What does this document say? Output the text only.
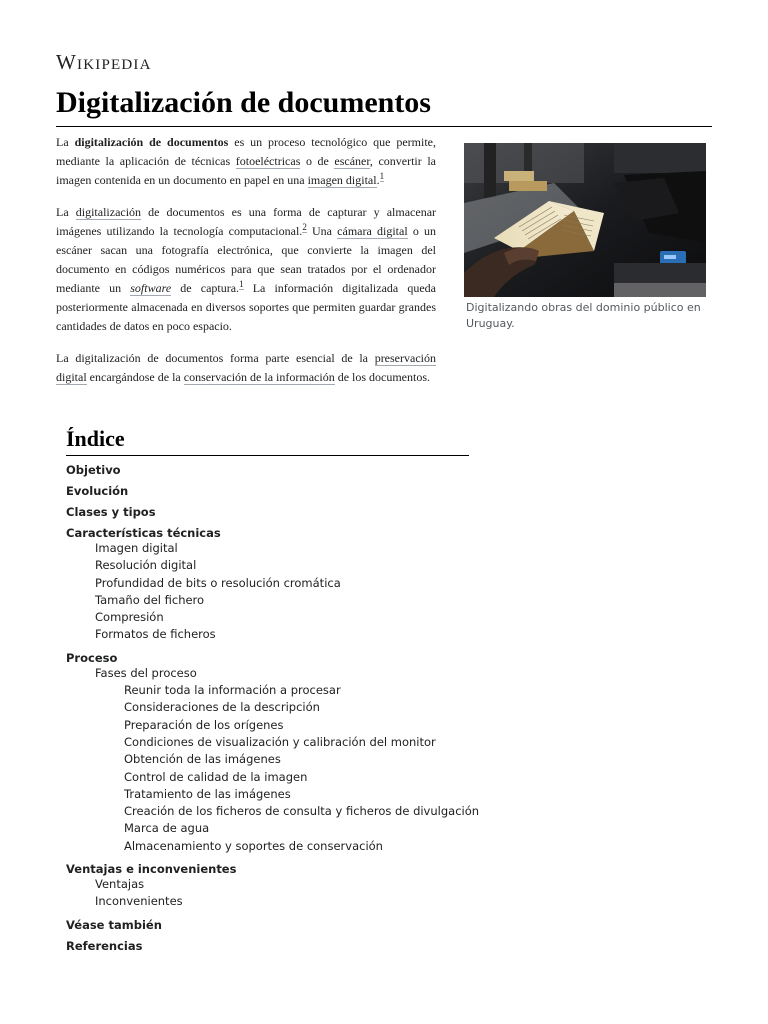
Wikipedia
Digitalización de documentos

La digitalización de documentos es un proceso tecnológico que permite, mediante la aplicación de técnicas fotoeléctricas o de escáner, convertir la imagen contenida en un documento en papel en una imagen digital.$^1$

La digitalización de documentos es una forma de capturar y almacenar imágenes utilizando la tecnología computacional.$^2$ Una cámara digital o un escáner sacan una fotografía electrónica, que convierte la imagen del documento en códigos numéricos para que sean tratados por el ordenador mediante un software de captura.$^1$ La información digitalizada queda posteriormente almacenada en diversos soportes que permiten guardar grandes cantidades de datos en poco espacio.

La digitalización de documentos forma parte esencial de la preservación digital encargándose de la conservación de la información de los documentos.

Digitalizando obras del dominio público en Uruguay.
Índice
Objetivo
Evolución
Clases y tipos
Características técnicas
Imagen digital
Resolución digital
Profundidad de bits o resolución cromática
Tamaño del fichero
Compresión
Formatos de ficheros
Proceso
Fases del proceso
Reunir toda la información a procesar
Consideraciones de la descripción
Preparación de los orígenes
Condiciones de visualización y calibración del monitor
Obtención de las imágenes
Control de calidad de la imagen
Tratamiento de las imágenes
Creación de los ficheros de consulta y ficheros de divulgación
Marca de agua
Almacenamiento y soportes de conservación
Ventajas e inconvenientes
Ventajas
Inconvenientes
Véase también
Referencias
